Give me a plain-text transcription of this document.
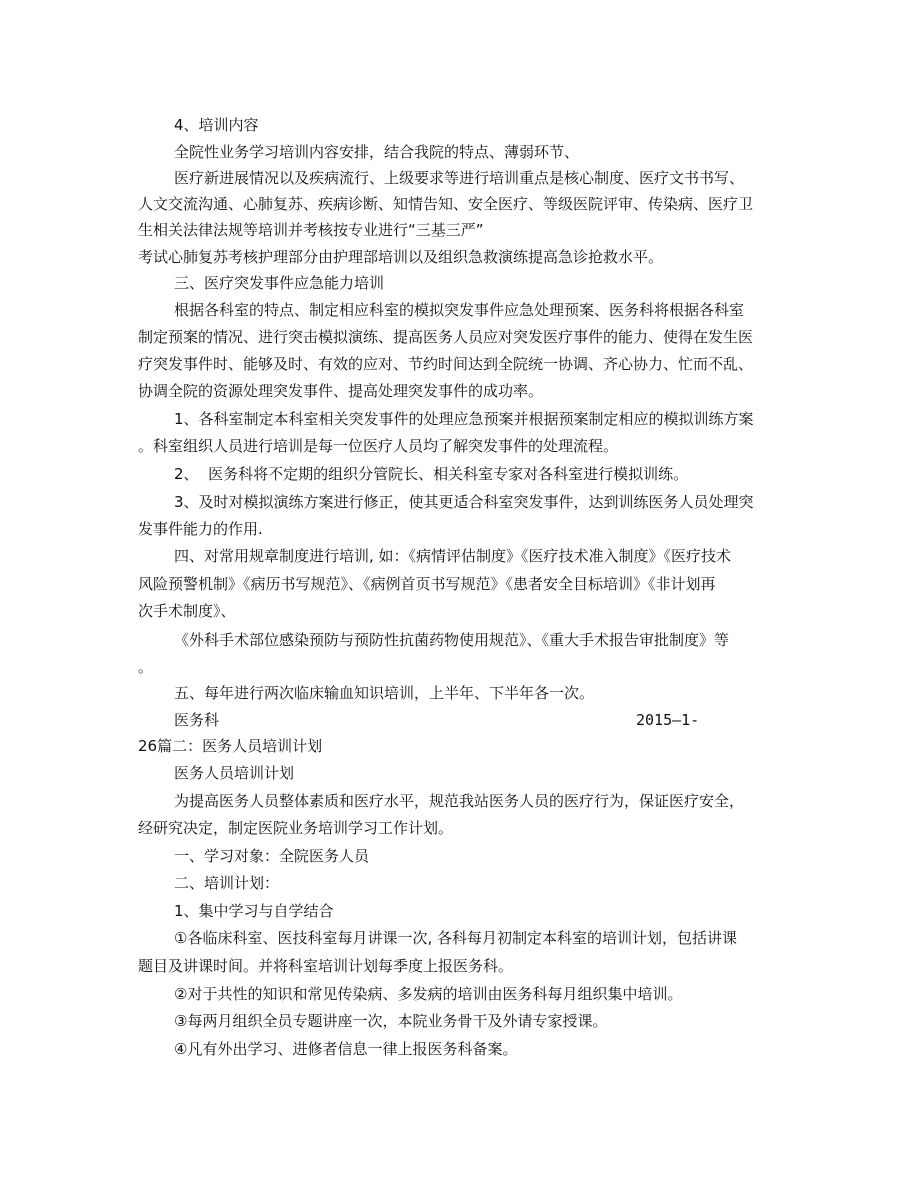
4、培训内容
全院性业务学习培训内容安排，结合我院的特点、薄弱环节、
医疗新进展情况以及疾病流行、上级要求等进行培训重点是核心制度、医疗文书书写、
人文交流沟通、心肺复苏、疾病诊断、知情告知、安全医疗、等级医院评审、传染病、医疗卫
生相关法律法规等培训并考核按专业进行“三基三严”
考试心肺复苏考核护理部分由护理部培训以及组织急救演练提高急诊抢救水平。
三、医疗突发事件应急能力培训
根据各科室的特点、制定相应科室的模拟突发事件应急处理预案、医务科将根据各科室
制定预案的情况、进行突击模拟演练、提高医务人员应对突发医疗事件的能力、使得在发生医
疗突发事件时、能够及时、有效的应对、节约时间达到全院统一协调、齐心协力、忙而不乱、
协调全院的资源处理突发事件、提高处理突发事件的成功率。
1、各科室制定本科室相关突发事件的处理应急预案并根据预案制定相应的模拟训练方案
。科室组织人员进行培训是每一位医疗人员均了解突发事件的处理流程。
2、  医务科将不定期的组织分管院长、相关科室专家对各科室进行模拟训练。
3、及时对模拟演练方案进行修正，使其更适合科室突发事件，达到训练医务人员处理突
发事件能力的作用.
四、对常用规章制度进行培训, 如：《病情评估制度》《医疗技术准入制度》《医疗技术
风险预警机制》《病历书写规范》、《病例首页书写规范》《患者安全目标培训》《非计划再
次手术制度》、
《外科手术部位感染预防与预防性抗菌药物使用规范》、《重大手术报告审批制度》等
。
五、每年进行两次临床输血知识培训，上半年、下半年各一次。
医务科	2015—1-
26篇二：医务人员培训计划
医务人员培训计划
为提高医务人员整体素质和医疗水平，规范我站医务人员的医疗行为，保证医疗安全，
经研究决定，制定医院业务培训学习工作计划。
一、学习对象：全院医务人员
二、培训计划：
1、集中学习与自学结合
①各临床科室、医技科室每月讲课一次, 各科每月初制定本科室的培训计划，包括讲课
题目及讲课时间。并将科室培训计划每季度上报医务科。
②对于共性的知识和常见传染病、多发病的培训由医务科每月组织集中培训。
③每两月组织全员专题讲座一次，本院业务骨干及外请专家授课。
④凡有外出学习、进修者信息一律上报医务科备案。
